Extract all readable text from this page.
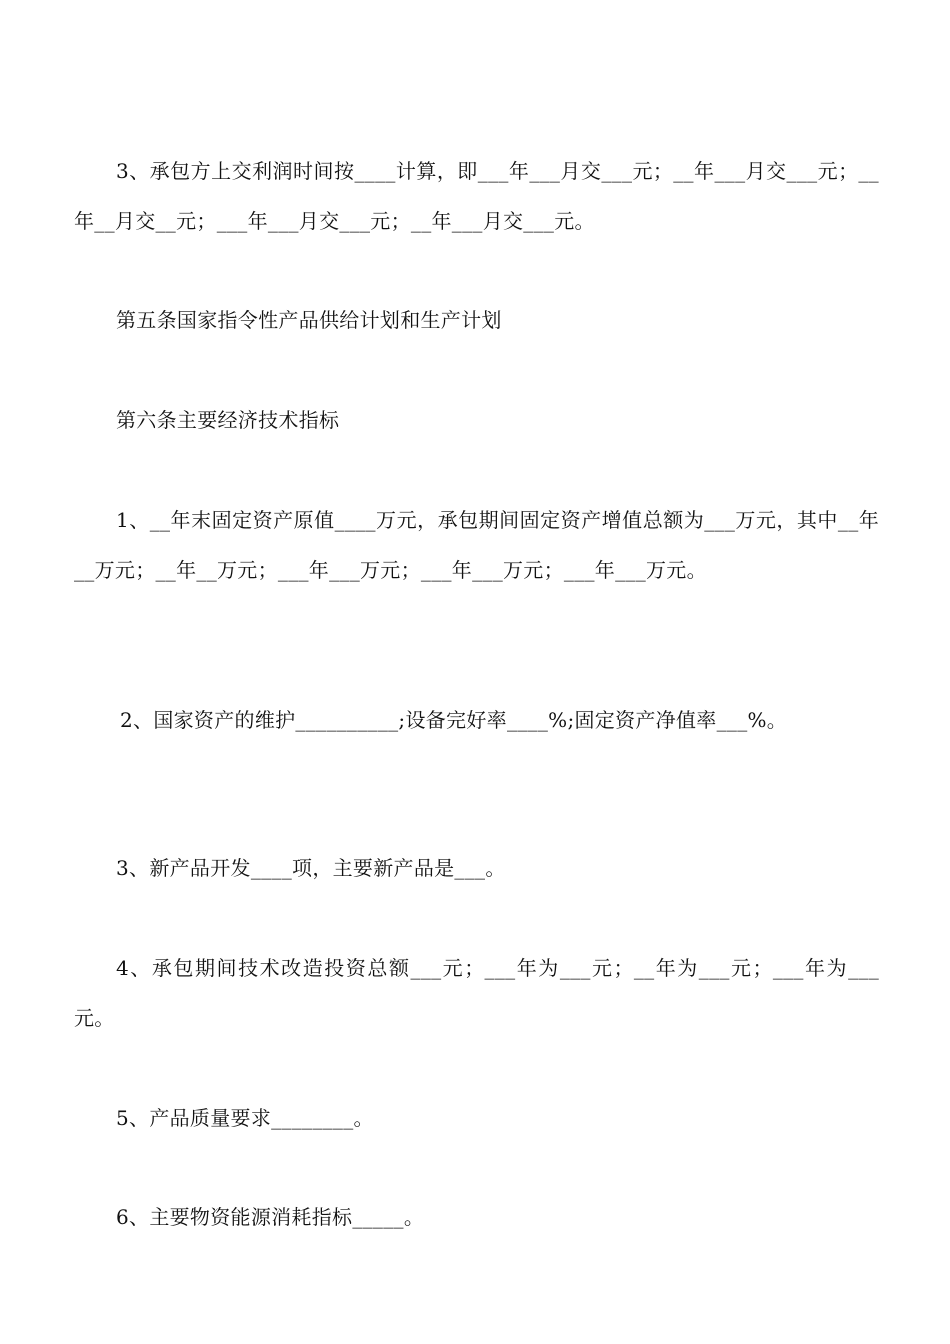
3、承包方上交利润时间按____计算，即___年___月交___元；__年___月交___元；__年__月交__元；___年___月交___元；__年___月交___元。

第五条国家指令性产品供给计划和生产计划

第六条主要经济技术指标

1、__年末固定资产原值____万元，承包期间固定资产增值总额为___万元，其中__年__万元；__年__万元；___年___万元；___年___万元；___年___万元。

2、国家资产的维护__________;设备完好率____%;固定资产净值率___%。

3、新产品开发____项，主要新产品是___。

4、承包期间技术改造投资总额___元；___年为___元；__年为___元；___年为___元。

5、产品质量要求________。

6、主要物资能源消耗指标_____。
